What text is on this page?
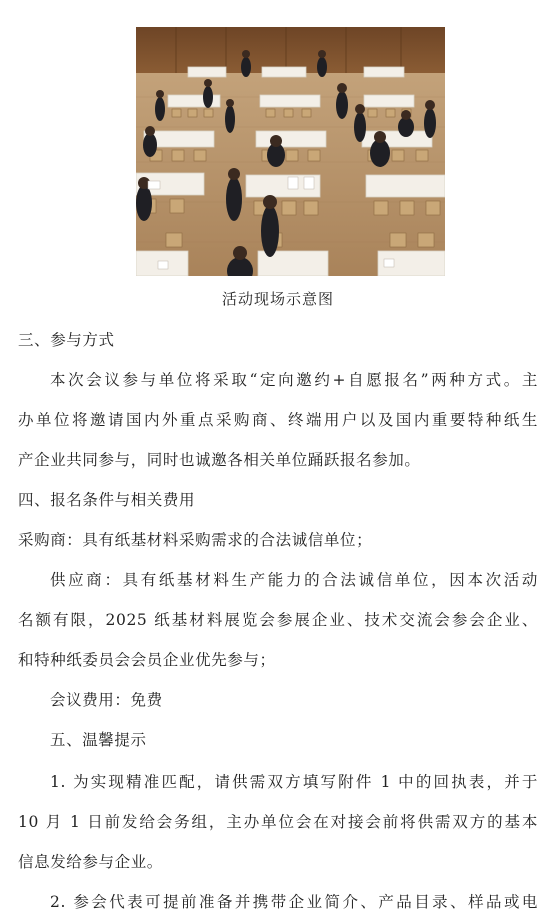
活动现场示意图
三、参与方式
本次会议参与单位将采取“定向邀约+自愿报名”两种方式。主
办单位将邀请国内外重点采购商、终端用户以及国内重要特种纸生
产企业共同参与，同时也诚邀各相关单位踊跃报名参加。
四、报名条件与相关费用
采购商：具有纸基材料采购需求的合法诚信单位；
供应商：具有纸基材料生产能力的合法诚信单位，因本次活动
名额有限，2025 纸基材料展览会参展企业、技术交流会参会企业、
和特种纸委员会会员企业优先参与；
会议费用：免费
五、温馨提示
1. 为实现精准匹配，请供需双方填写附件 1 中的回执表，并于
10 月 1 日前发给会务组，主办单位会在对接会前将供需双方的基本
信息发给参与企业。
2. 参会代表可提前准备并携带企业简介、产品目录、样品或电
